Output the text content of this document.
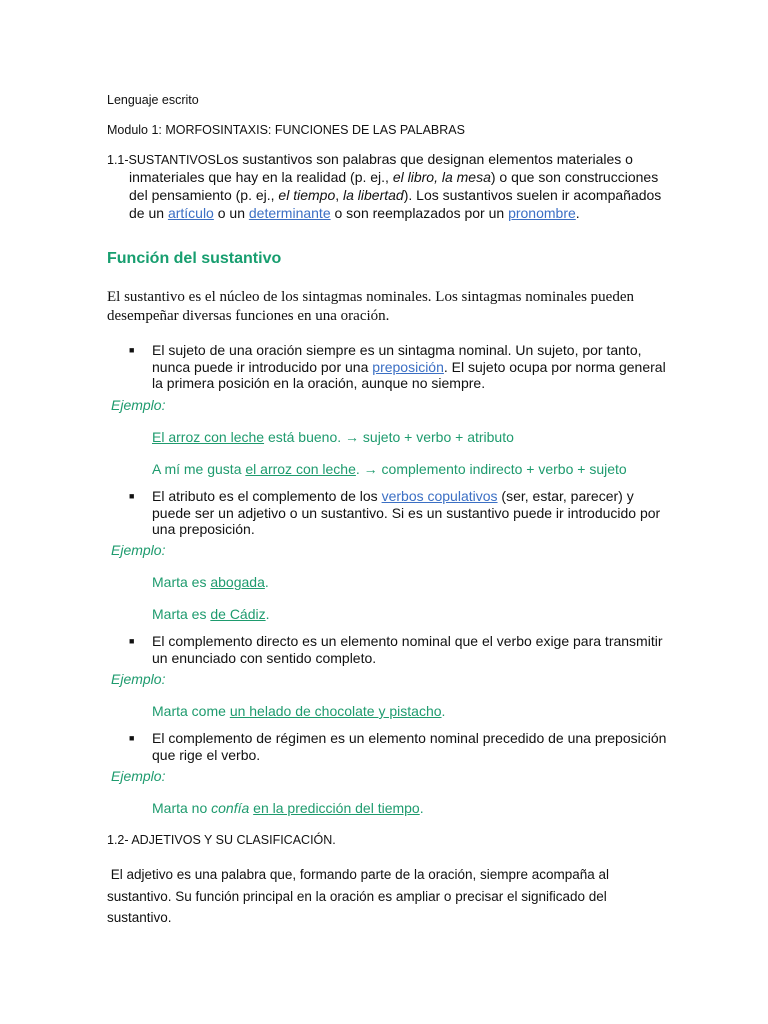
Lenguaje escrito
Modulo 1: MORFOSINTAXIS: FUNCIONES DE LAS PALABRAS
1.1-SUSTANTIVOSLos sustantivos son palabras que designan elementos materiales o
inmateriales que hay en la realidad (p. ej., el libro, la mesa) o que son construcciones
del pensamiento (p. ej., el tiempo, la libertad). Los sustantivos suelen ir acompañados
de un artículo o un determinante o son reemplazados por un pronombre.
Función del sustantivo
El sustantivo es el núcleo de los sintagmas nominales. Los sintagmas nominales pueden
desempeñar diversas funciones en una oración.
■ El sujeto de una oración siempre es un sintagma nominal. Un sujeto, por tanto,
nunca puede ir introducido por una preposición. El sujeto ocupa por norma general
la primera posición en la oración, aunque no siempre.
Ejemplo:
El arroz con leche está bueno. → sujeto + verbo + atributo
A mí me gusta el arroz con leche. → complemento indirecto + verbo + sujeto
■ El atributo es el complemento de los verbos copulativos (ser, estar, parecer) y
puede ser un adjetivo o un sustantivo. Si es un sustantivo puede ir introducido por
una preposición.
Ejemplo:
Marta es abogada.
Marta es de Cádiz.
■ El complemento directo es un elemento nominal que el verbo exige para transmitir
un enunciado con sentido completo.
Ejemplo:
Marta come un helado de chocolate y pistacho.
■ El complemento de régimen es un elemento nominal precedido de una preposición
que rige el verbo.
Ejemplo:
Marta no confía en la predicción del tiempo.
1.2- ADJETIVOS Y SU CLASIFICACIÓN.
El adjetivo es una palabra que, formando parte de la oración, siempre acompaña al
sustantivo. Su función principal en la oración es ampliar o precisar el significado del
sustantivo.
